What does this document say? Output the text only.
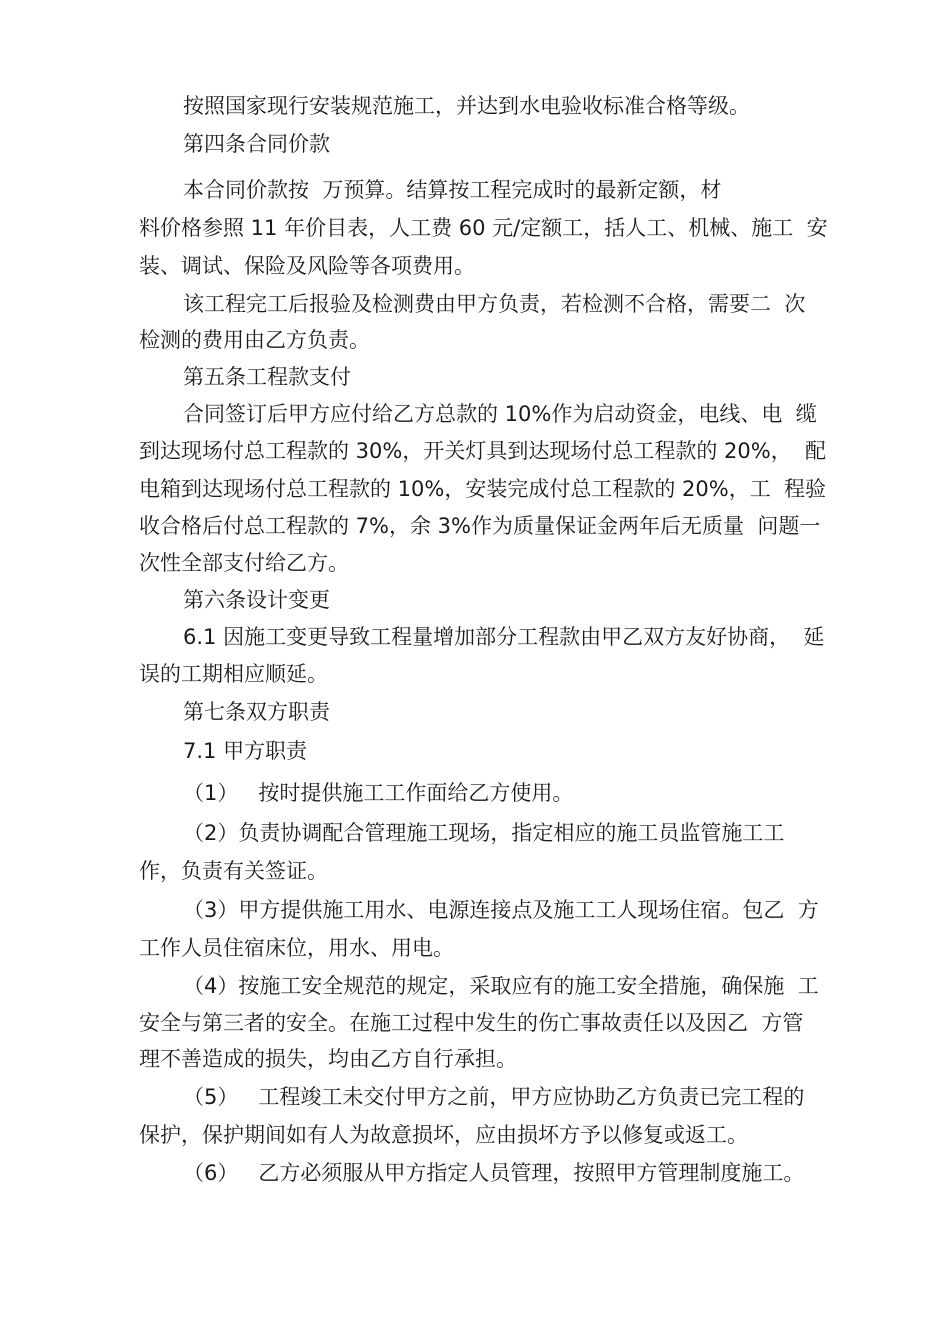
按照国家现行安装规范施工，并达到水电验收标准合格等级。
第四条合同价款
本合同价款按  万预算。结算按工程完成时的最新定额，材
料价格参照 11 年价目表，人工费 60 元/定额工，括人工、机械、施工  安
装、调试、保险及风险等各项费用。
该工程完工后报验及检测费由甲方负责，若检测不合格，需要二  次
检测的费用由乙方负责。
第五条工程款支付
合同签订后甲方应付给乙方总款的 10%作为启动资金，电线、电  缆
到达现场付总工程款的 30%，开关灯具到达现场付总工程款的 20%，  配
电箱到达现场付总工程款的 10%，安装完成付总工程款的 20%，工  程验
收合格后付总工程款的 7%，余 3%作为质量保证金两年后无质量  问题一
次性全部支付给乙方。
第六条设计变更
6.1 因施工变更导致工程量增加部分工程款由甲乙双方友好协商，  延
误的工期相应顺延。
第七条双方职责
7.1 甲方职责
（1）   按时提供施工工作面给乙方使用。
（2）负责协调配合管理施工现场，指定相应的施工员监管施工工
作，负责有关签证。
（3）甲方提供施工用水、电源连接点及施工工人现场住宿。包乙  方
工作人员住宿床位，用水、用电。
（4）按施工安全规范的规定，采取应有的施工安全措施，确保施  工
安全与第三者的安全。在施工过程中发生的伤亡事故责任以及因乙  方管
理不善造成的损失，均由乙方自行承担。
（5）   工程竣工未交付甲方之前，甲方应协助乙方负责已完工程的
保护，保护期间如有人为故意损坏，应由损坏方予以修复或返工。
（6）   乙方必须服从甲方指定人员管理，按照甲方管理制度施工。
